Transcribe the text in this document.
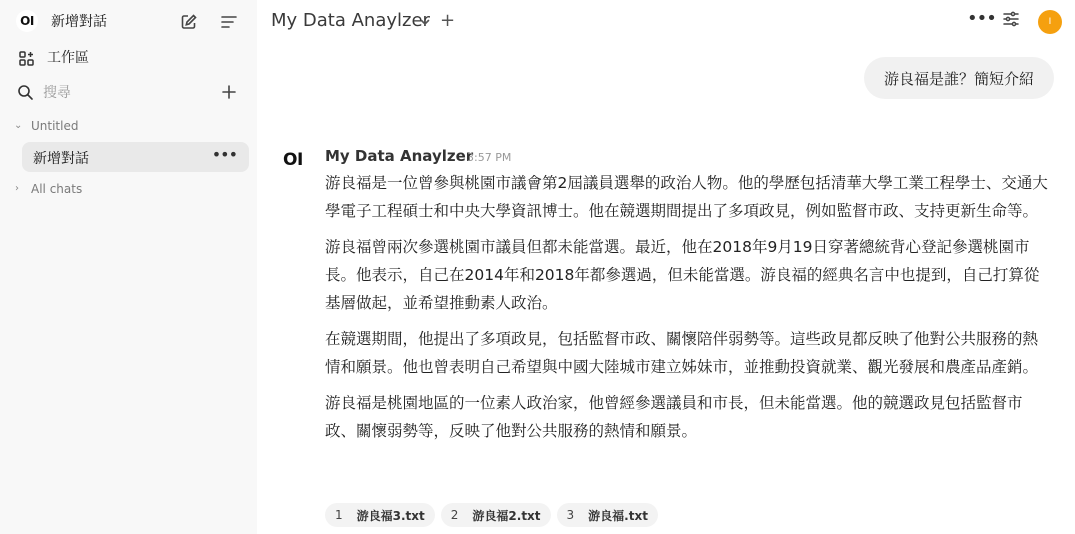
OI 新增對話
工作區
搜尋
⌄ Untitled
新增對話	•••
› All chats
My Data Anaylzer +	•••	I
游良福是誰？簡短介紹
OI My Data Anaylzer
3:57 PM

游良福是一位曾參與桃園市議會第2屆議員選舉的政治人物。他的學歷包括清華大學工業工程學士、交通大學電子工程碩士和中央大學資訊博士。他在競選期間提出了多項政見，例如監督市政、支持更新生命等。

游良福曾兩次參選桃園市議員但都未能當選。最近，他在2018年9月19日穿著總統背心登記參選桃園市長。他表示，自己在2014年和2018年都參選過，但未能當選。游良福的經典名言中也提到，自己打算從基層做起，並希望推動素人政治。

在競選期間，他提出了多項政見，包括監督市政、關懷陪伴弱勢等。這些政見都反映了他對公共服務的熱情和願景。他也曾表明自己希望與中國大陸城市建立姊妹市，並推動投資就業、觀光發展和農產品產銷。

游良福是桃園地區的一位素人政治家，他曾經參選議員和市長，但未能當選。他的競選政見包括監督市政、關懷弱勢等，反映了他對公共服務的熱情和願景。

1 游良福3.txt 2 游良福2.txt 3 游良福.txt
